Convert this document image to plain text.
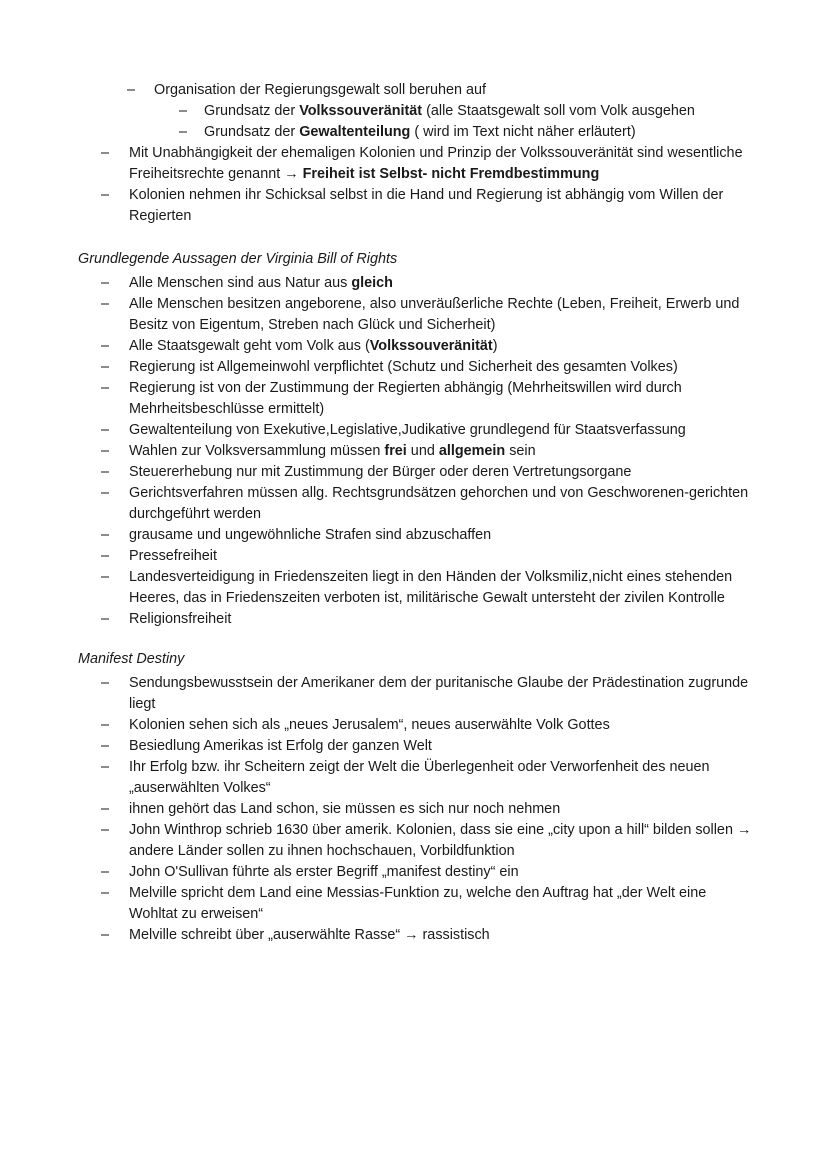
– Organisation der Regierungsgewalt soll beruhen auf
– Grundsatz der Volkssouveränität (alle Staatsgewalt soll vom Volk ausgehen
– Grundsatz der Gewaltenteilung ( wird im Text nicht näher erläutert)
– Mit Unabhängigkeit der ehemaligen Kolonien und Prinzip der Volkssouveränität sind wesentliche Freiheitsrechte genannt → Freiheit ist Selbst- nicht Fremdbestimmung
– Kolonien nehmen ihr Schicksal selbst in die Hand und Regierung ist abhängig vom Willen der Regierten
Grundlegende Aussagen der Virginia Bill of Rights
– Alle Menschen sind aus Natur aus gleich
– Alle Menschen besitzen angeborene, also unveräußerliche Rechte (Leben, Freiheit, Erwerb und Besitz von Eigentum, Streben nach Glück und Sicherheit)
– Alle Staatsgewalt geht vom Volk aus (Volkssouveränität)
– Regierung ist Allgemeinwohl verpflichtet (Schutz und Sicherheit des gesamten Volkes)
– Regierung ist von der Zustimmung der Regierten abhängig (Mehrheitswillen wird durch Mehrheitsbeschlüsse ermittelt)
– Gewaltenteilung von Exekutive,Legislative,Judikative grundlegend für Staatsverfassung
– Wahlen zur Volksversammlung müssen frei und allgemein sein
– Steuererhebung nur mit Zustimmung der Bürger oder deren Vertretungsorgane
– Gerichtsverfahren müssen allg. Rechtsgrundsätzen gehorchen und von Geschworenen-gerichten durchgeführt werden
– grausame und ungewöhnliche Strafen sind abzuschaffen
– Pressefreiheit
– Landesverteidigung in Friedenszeiten liegt in den Händen der Volksmiliz,nicht eines stehenden Heeres, das in Friedenszeiten verboten ist, militärische Gewalt untersteht der zivilen Kontrolle
– Religionsfreiheit
Manifest Destiny
– Sendungsbewusstsein der Amerikaner dem der puritanische Glaube der Prädestination zugrunde liegt
– Kolonien sehen sich als „neues Jerusalem“, neues auserwählte Volk Gottes
– Besiedlung Amerikas ist Erfolg der ganzen Welt
– Ihr Erfolg bzw. ihr Scheitern zeigt der Welt die Überlegenheit oder Verworfenheit des neuen „auserwählten Volkes“
– ihnen gehört das Land schon, sie müssen es sich nur noch nehmen
– John Winthrop schrieb 1630 über amerik. Kolonien, dass sie eine „city upon a hill“ bilden sollen → andere Länder sollen zu ihnen hochschauen, Vorbildfunktion
– John O'Sullivan führte als erster Begriff „manifest destiny“ ein
– Melville spricht dem Land eine Messias-Funktion zu, welche den Auftrag hat „der Welt eine Wohltat zu erweisen“
– Melville schreibt über „auserwählte Rasse“ → rassistisch
